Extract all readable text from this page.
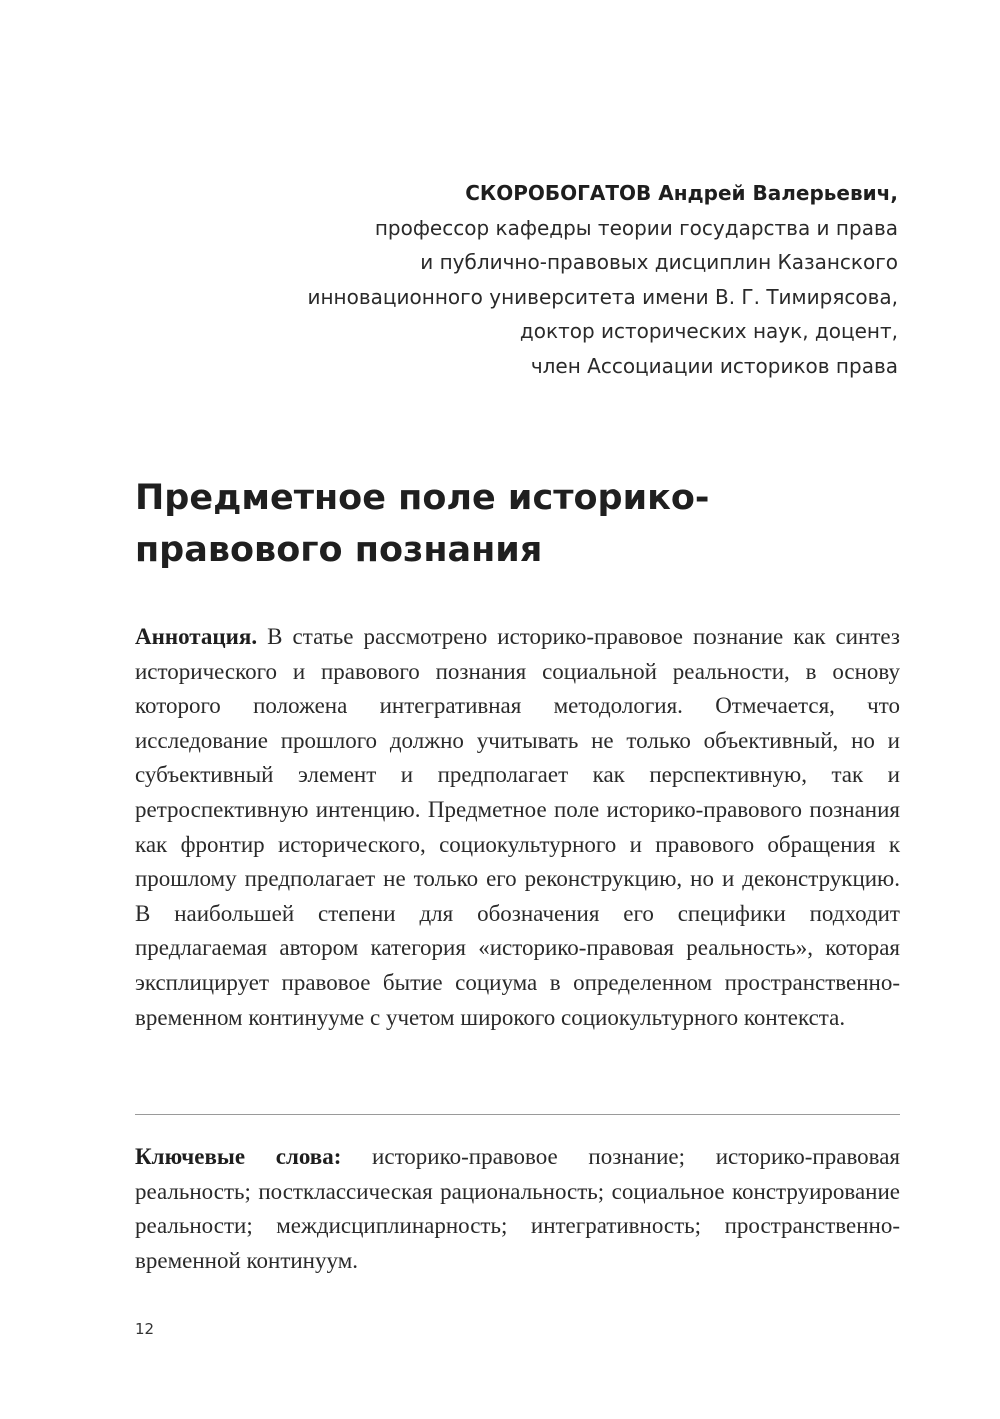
СКОРОБОГАТОВ Андрей Валерьевич,
профессор кафедры теории государства и права
и публично-правовых дисциплин Казанского
инновационного университета имени В. Г. Тимирясова,
доктор исторических наук, доцент,
член Ассоциации историков права
Предметное поле историко-
правового познания

Аннотация. В статье рассмотрено историко-правовое познание как синтез исторического и правового познания социальной реальности, в основу которого положена интегративная методология. Отмечается, что исследование прошлого должно учитывать не только объективный, но и субъективный элемент и предполагает как перспективную, так и ретроспективную интенцию. Предметное поле историко-правового познания как фронтир исторического, социокультурного и правового обращения к прошлому предполагает не только его реконструкцию, но и деконструкцию. В наибольшей степени для обозначения его специфики подходит предлагаемая автором категория «историко-правовая реальность», которая эксплицирует правовое бытие социума в определенном пространственно-временном континууме с учетом широкого социокультурного контекста.

Ключевые слова: историко-правовое познание; историко-правовая реальность; постклассическая рациональность; социальное конструирование реальности; междисциплинарность; интегративность; пространственно-временной континуум.

12
